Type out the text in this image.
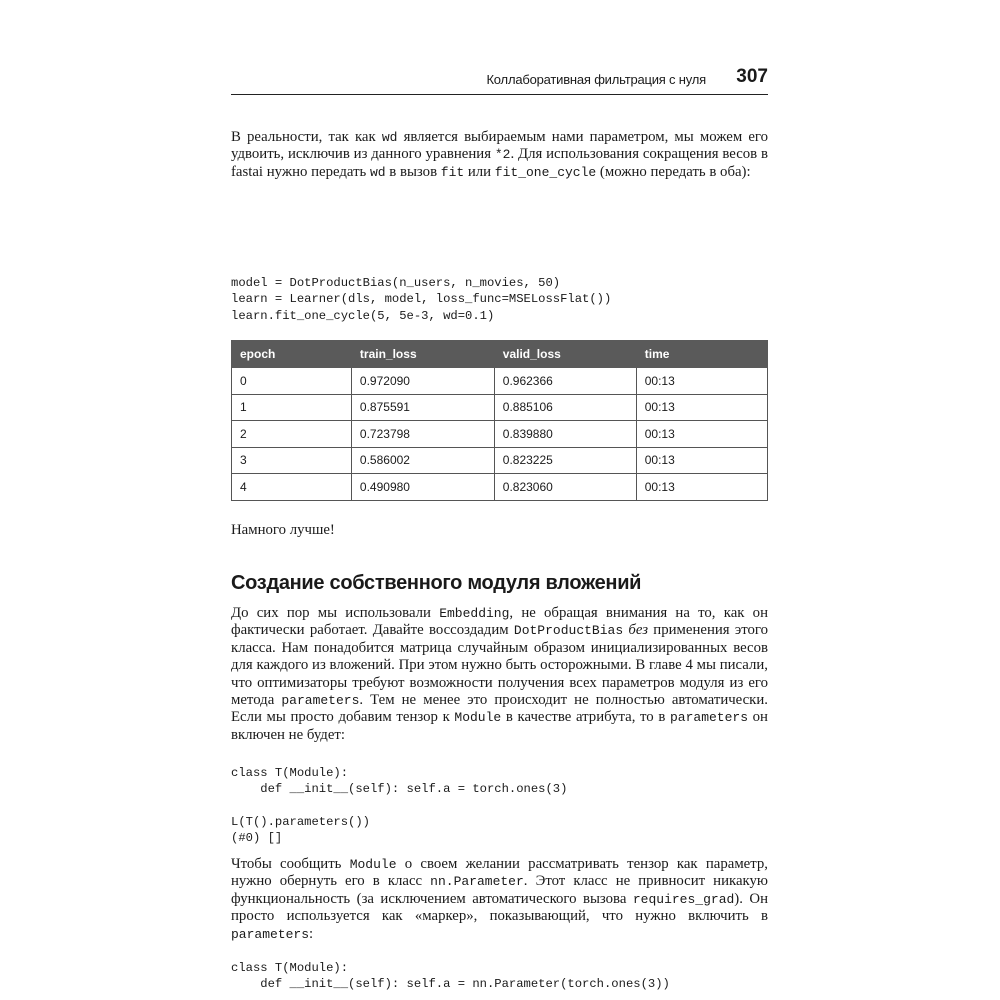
Коллаборативная фильтрация с нуля 307

В реальности, так как wd является выбираемым нами параметром, мы можем его удвоить, исключив из данного уравнения *2. Для использования сокращения весов в fastai нужно передать wd в вызов fit или fit_one_cycle (можно передать в оба):

model = DotProductBias(n_users, n_movies, 50)
learn = Learner(dls, model, loss_func=MSELossFlat())
learn.fit_one_cycle(5, 5e-3, wd=0.1)
epoch	train_loss	valid_loss	time
0	0.972090	0.962366	00:13
1	0.875591	0.885106	00:13
2	0.723798	0.839880	00:13
3	0.586002	0.823225	00:13
4	0.490980	0.823060	00:13

Намного лучше!

Создание собственного модуля вложений

До сих пор мы использовали Embedding, не обращая внимания на то, как он фактически работает. Давайте воссоздадим DotProductBias без применения этого класса. Нам понадобится матрица случайным образом инициализированных весов для каждого из вложений. При этом нужно быть осторожными. В главе 4 мы писали, что оптимизаторы требуют возможности получения всех параметров модуля из его метода parameters. Тем не менее это происходит не полностью автоматически. Если мы просто добавим тензор к Module в качестве атрибута, то в parameters он включен не будет:

class T(Module):
def __init__(self): self.a = torch.ones(3)
L(T().parameters())
(#0) []

Чтобы сообщить Module о своем желании рассматривать тензор как параметр, нужно обернуть его в класс nn.Parameter. Этот класс не привносит никакую функциональность (за исключением автоматического вызова requires_grad). Он просто используется как «маркер», показывающий, что нужно включить в parameters:

class T(Module):
def __init__(self): self.a = nn.Parameter(torch.ones(3))
